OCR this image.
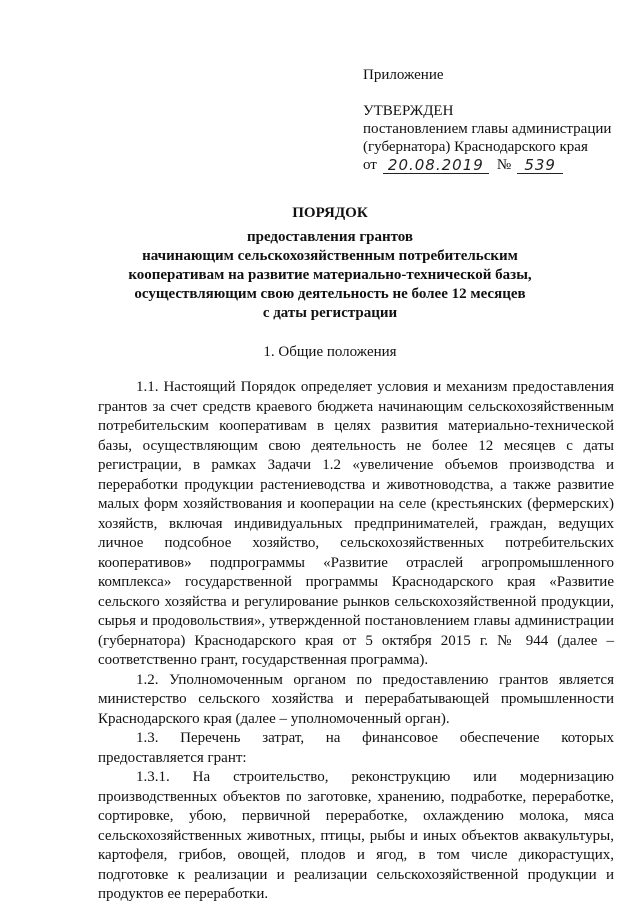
Приложение
УТВЕРЖДЕН
постановлением главы администрации
(губернатора) Краснодарского края
от 20.08.2019 № 539
ПОРЯДОК
предоставления грантов
начинающим сельскохозяйственным потребительским
кооперативам на развитие материально-технической базы,
осуществляющим свою деятельность не более 12 месяцев
с даты регистрации
1. Общие положения

1.1. Настоящий Порядок определяет условия и механизм предоставления грантов за счет средств краевого бюджета начинающим сельскохозяйственным потребительским кооперативам в целях развития материально-технической базы, осуществляющим свою деятельность не более 12 месяцев с даты регистрации, в рамках Задачи 1.2 «увеличение объемов производства и переработки продукции растениеводства и животноводства, а также развитие малых форм хозяйствования и кооперации на селе (крестьянских (фермерских) хозяйств, включая индивидуальных предпринимателей, граждан, ведущих личное подсобное хозяйство, сельскохозяйственных потребительских кооперативов» подпрограммы «Развитие отраслей агропромышленного комплекса» государственной программы Краснодарского края «Развитие сельского хозяйства и регулирование рынков сельскохозяйственной продукции, сырья и продовольствия», утвержденной постановлением главы администрации (губернатора) Краснодарского края от 5 октября 2015 г. № 944 (далее – соответственно грант, государственная программа).

1.2. Уполномоченным органом по предоставлению грантов является министерство сельского хозяйства и перерабатывающей промышленности Краснодарского края (далее – уполномоченный орган).

1.3. Перечень затрат, на финансовое обеспечение которых предоставляется грант:

1.3.1. На строительство, реконструкцию или модернизацию производственных объектов по заготовке, хранению, подработке, переработке, сортировке, убою, первичной переработке, охлаждению молока, мяса сельскохозяйственных животных, птицы, рыбы и иных объектов аквакультуры, картофеля, грибов, овощей, плодов и ягод, в том числе дикорастущих, подготовке к реализации и реализации сельскохозяйственной продукции и продуктов ее переработки.
